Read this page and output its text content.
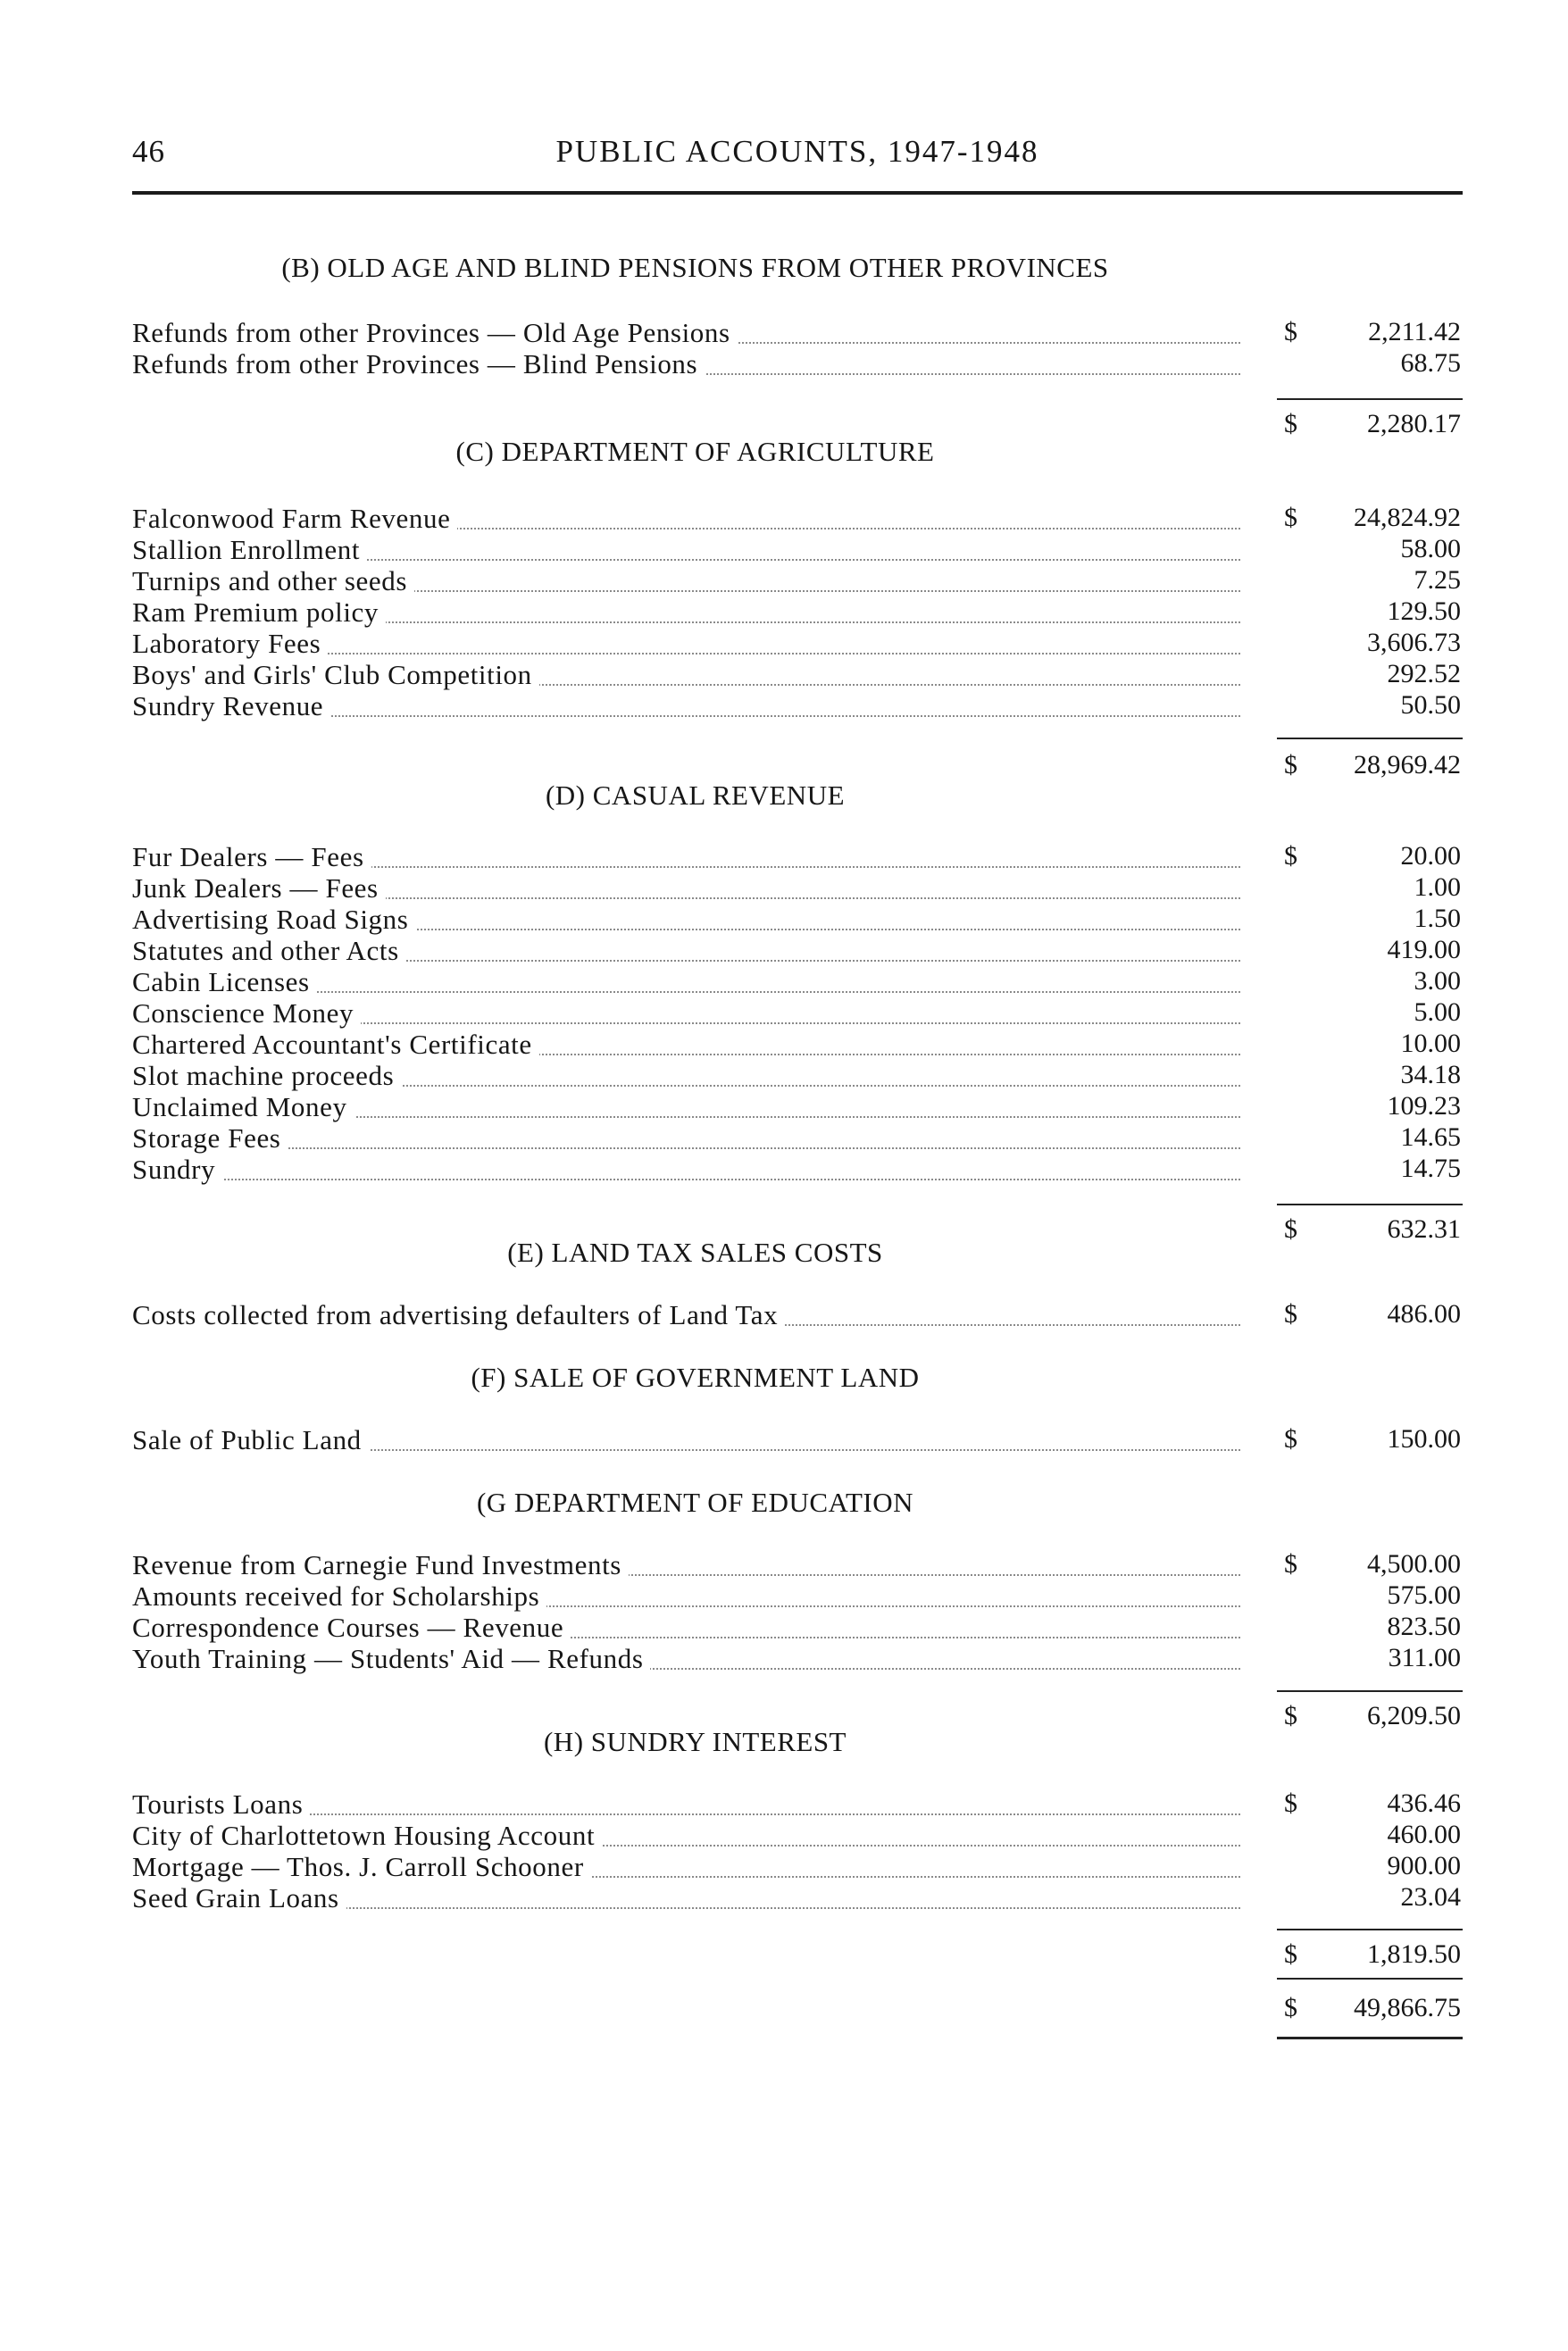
46	PUBLIC ACCOUNTS, 1947-1948
(B) OLD AGE AND BLIND PENSIONS FROM OTHER PROVINCES
Refunds from other Provinces — Old Age Pensions	$	2,211.42
Refunds from other Provinces — Blind Pensions	68.75
$	2,280.17
(C) DEPARTMENT OF AGRICULTURE
Falconwood Farm Revenue	$ 24,824.92
Stallion Enrollment	58.00
Turnips and other seeds	7.25
Ram Premium policy	129.50
Laboratory Fees	3,606.73
Boys' and Girls' Club Competition	292.52
Sundry Revenue	50.50
$ 28,969.42
(D) CASUAL REVENUE
Fur Dealers — Fees	$	20.00
Junk Dealers — Fees	1.00
Advertising Road Signs	1.50
Statutes and other Acts	419.00
Cabin Licenses	3.00
Conscience Money	5.00
Chartered Accountant's Certificate	10.00
Slot machine proceeds	34.18
Unclaimed Money	109.23
Storage Fees	14.65
Sundry	14.75
$	632.31
(E) LAND TAX SALES COSTS
Costs collected from advertising defaulters of Land Tax	$	486.00
(F) SALE OF GOVERNMENT LAND
Sale of Public Land	$	150.00
(G DEPARTMENT OF EDUCATION
Revenue from Carnegie Fund Investments	$	4,500.00
Amounts received for Scholarships	575.00
Correspondence Courses — Revenue	823.50
Youth Training — Students' Aid — Refunds	311.00
$	6,209.50
(H) SUNDRY INTEREST
Tourists Loans	$	436.46
City of Charlottetown Housing Account	460.00
Mortgage — Thos. J. Carroll Schooner	900.00
Seed Grain Loans	23.04
$	1,819.50
$ 49,866.75
